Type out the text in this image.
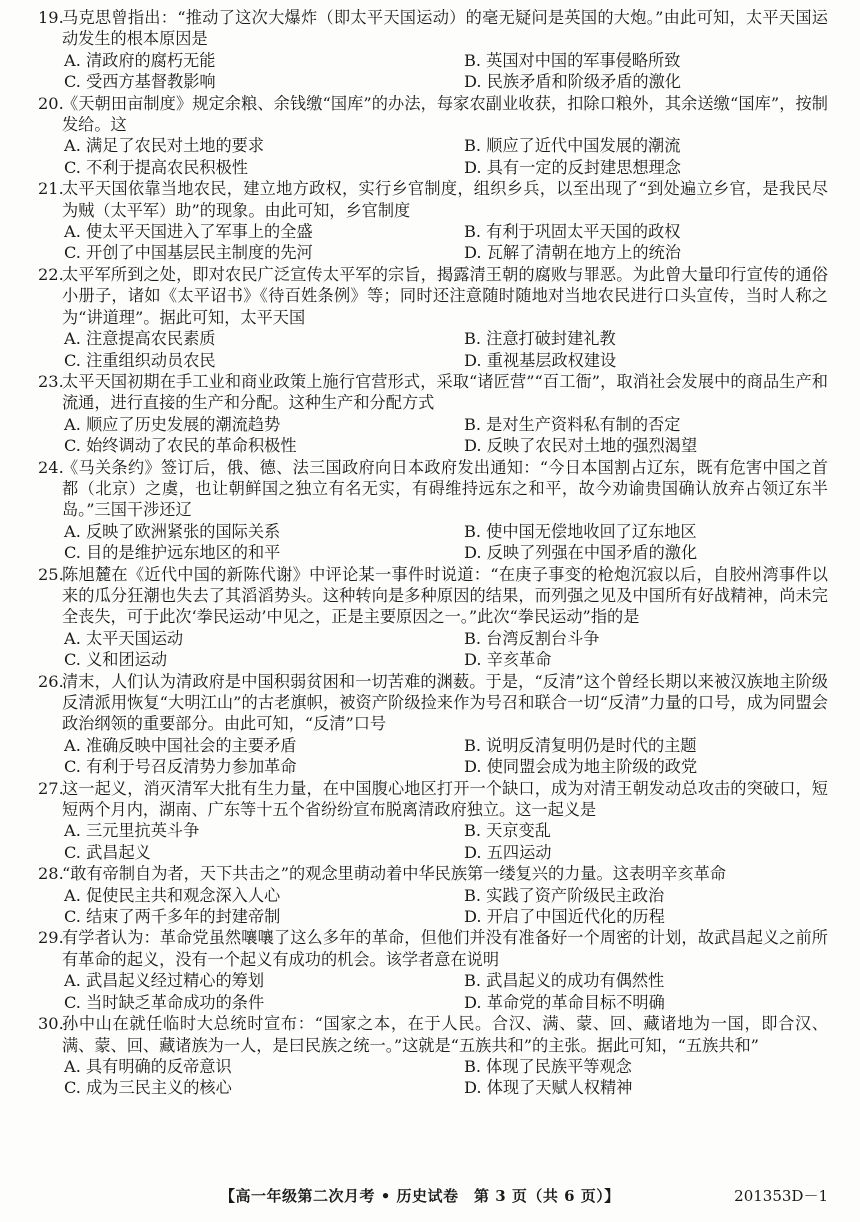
19.
马克思曾指出：“推动了这次大爆炸（即太平天国运动）的毫无疑问是英国的大炮。”由此可知，太平天国运动发生的根本原因是
A. 清政府的腐朽无能	B. 英国对中国的军事侵略所致
C. 受西方基督教影响	D. 民族矛盾和阶级矛盾的激化
20.
《天朝田亩制度》规定余粮、余钱缴“国库”的办法，每家农副业收获，扣除口粮外，其余送缴“国库”，按制发给。这
A. 满足了农民对土地的要求	B. 顺应了近代中国发展的潮流
C. 不利于提高农民积极性	D. 具有一定的反封建思想理念
21.
太平天国依靠当地农民，建立地方政权，实行乡官制度，组织乡兵，以至出现了“到处遍立乡官，是我民尽为贼（太平军）助”的现象。由此可知，乡官制度
A. 使太平天国进入了军事上的全盛	B. 有利于巩固太平天国的政权
C. 开创了中国基层民主制度的先河	D. 瓦解了清朝在地方上的统治
22.
太平军所到之处，即对农民广泛宣传太平军的宗旨，揭露清王朝的腐败与罪恶。为此曾大量印行宣传的通俗小册子，诸如《太平诏书》《待百姓条例》等；同时还注意随时随地对当地农民进行口头宣传，当时人称之为“讲道理”。据此可知，太平天国
A. 注意提高农民素质	B. 注意打破封建礼教
C. 注重组织动员农民	D. 重视基层政权建设
23.
太平天国初期在手工业和商业政策上施行官营形式，采取“诸匠营”“百工衙”，取消社会发展中的商品生产和流通，进行直接的生产和分配。这种生产和分配方式
A. 顺应了历史发展的潮流趋势	B. 是对生产资料私有制的否定
C. 始终调动了农民的革命积极性	D. 反映了农民对土地的强烈渴望
24.
《马关条约》签订后，俄、德、法三国政府向日本政府发出通知：“今日本国割占辽东，既有危害中国之首都（北京）之虞，也让朝鲜国之独立有名无实，有碍维持远东之和平，故今劝谕贵国确认放弃占领辽东半岛。”三国干涉还辽
A. 反映了欧洲紧张的国际关系	B. 使中国无偿地收回了辽东地区
C. 目的是维护远东地区的和平	D. 反映了列强在中国矛盾的激化
25.
陈旭麓在《近代中国的新陈代谢》中评论某一事件时说道：“在庚子事变的枪炮沉寂以后，自胶州湾事件以来的瓜分狂潮也失去了其滔滔势头。这种转向是多种原因的结果，而列强之见及中国所有好战精神，尚未完全丧失，可于此次‘拳民运动’中见之，正是主要原因之一。”此次“拳民运动”指的是
A. 太平天国运动	B. 台湾反割台斗争
C. 义和团运动	D. 辛亥革命
26.
清末，人们认为清政府是中国积弱贫困和一切苦难的渊薮。于是，“反清”这个曾经长期以来被汉族地主阶级反清派用恢复“大明江山”的古老旗帜，被资产阶级捡来作为号召和联合一切“反清”力量的口号，成为同盟会政治纲领的重要部分。由此可知，“反清”口号
A. 准确反映中国社会的主要矛盾	B. 说明反清复明仍是时代的主题
C. 有利于号召反清势力参加革命	D. 使同盟会成为地主阶级的政党
27.
这一起义，消灭清军大批有生力量，在中国腹心地区打开一个缺口，成为对清王朝发动总攻击的突破口，短短两个月内，湖南、广东等十五个省纷纷宣布脱离清政府独立。这一起义是
A. 三元里抗英斗争	B. 天京变乱
C. 武昌起义	D. 五四运动
28.
“敢有帝制自为者，天下共击之”的观念里萌动着中华民族第一缕复兴的力量。这表明辛亥革命
A. 促使民主共和观念深入人心	B. 实践了资产阶级民主政治
C. 结束了两千多年的封建帝制	D. 开启了中国近代化的历程
29.
有学者认为：革命党虽然嚷嚷了这么多年的革命，但他们并没有准备好一个周密的计划，故武昌起义之前所有革命的起义，没有一个起义有成功的机会。该学者意在说明
A. 武昌起义经过精心的筹划	B. 武昌起义的成功有偶然性
C. 当时缺乏革命成功的条件	D. 革命党的革命目标不明确
30.
孙中山在就任临时大总统时宣布：“国家之本，在于人民。合汉、满、蒙、回、藏诸地为一国，即合汉、满、蒙、回、藏诸族为一人，是曰民族之统一。”这就是“五族共和”的主张。据此可知，“五族共和”
A. 具有明确的反帝意识	B. 体现了民族平等观念
C. 成为三民主义的核心	D. 体现了天赋人权精神
【高一年级第二次月考 • 历史试卷　第 3 页（共 6 页）】	201353D－1
